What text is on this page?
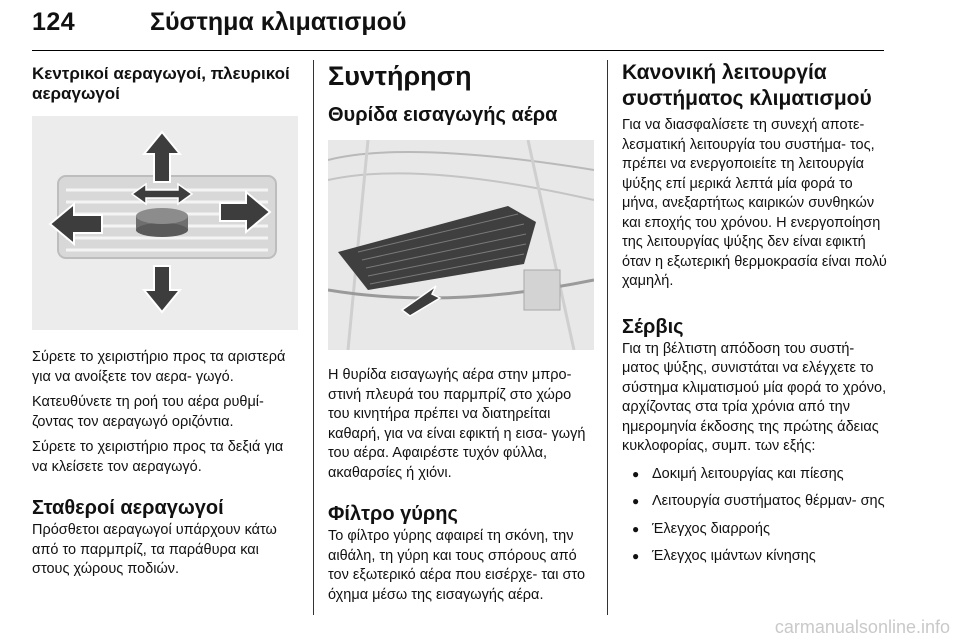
124	Σύστημα κλιματισμού
Κεντρικοί αεραγωγοί, πλευρικοί αεραγωγοί

Σύρετε το χειριστήριο προς τα αριστερά για να ανοίξετε τον αερα- γωγό.

Κατευθύνετε τη ροή του αέρα ρυθμί- ζοντας τον αεραγωγό οριζόντια.

Σύρετε το χειριστήριο προς τα δεξιά για να κλείσετε τον αεραγωγό.

Σταθεροί αεραγωγοί

Πρόσθετοι αεραγωγοί υπάρχουν κάτω από το παρμπρίζ, τα παράθυρα και στους χώρους ποδιών.

Συντήρηση
Θυρίδα εισαγωγής αέρα

Η θυρίδα εισαγωγής αέρα στην μπρο- στινή πλευρά του παρμπρίζ στο χώρο του κινητήρα πρέπει να διατηρείται καθαρή, για να είναι εφικτή η εισα- γωγή του αέρα. Αφαιρέστε τυχόν φύλλα, ακαθαρσίες ή χιόνι.

Φίλτρο γύρης

Το φίλτρο γύρης αφαιρεί τη σκόνη, την αιθάλη, τη γύρη και τους σπόρους από τον εξωτερικό αέρα που εισέρχε- ται στο όχημα μέσω της εισαγωγής αέρα.

Κανονική λειτουργία συστήματος κλιματισμού

Για να διασφαλίσετε τη συνεχή αποτε- λεσματική λειτουργία του συστήμα- τος, πρέπει να ενεργοποιείτε τη λειτουργία ψύξης επί μερικά λεπτά μία φορά το μήνα, ανεξαρτήτως καιρικών συνθηκών και εποχής του χρόνου. Η ενεργοποίηση της λειτουργίας ψύξης δεν είναι εφικτή όταν η εξωτερική θερμοκρασία είναι πολύ χαμηλή.

Σέρβις

Για τη βέλτιστη απόδοση του συστή- ματος ψύξης, συνιστάται να ελέγχετε το σύστημα κλιματισμού μία φορά το χρόνο, αρχίζοντας στα τρία χρόνια από την ημερομηνία έκδοσης της πρώτης άδειας κυκλοφορίας, συμπ. των εξής:

● Δοκιμή λειτουργίας και πίεσης
● Λειτουργία συστήματος θέρμαν- σης
● Έλεγχος διαρροής
● Έλεγχος ιμάντων κίνησης
carmanualsonline.info
